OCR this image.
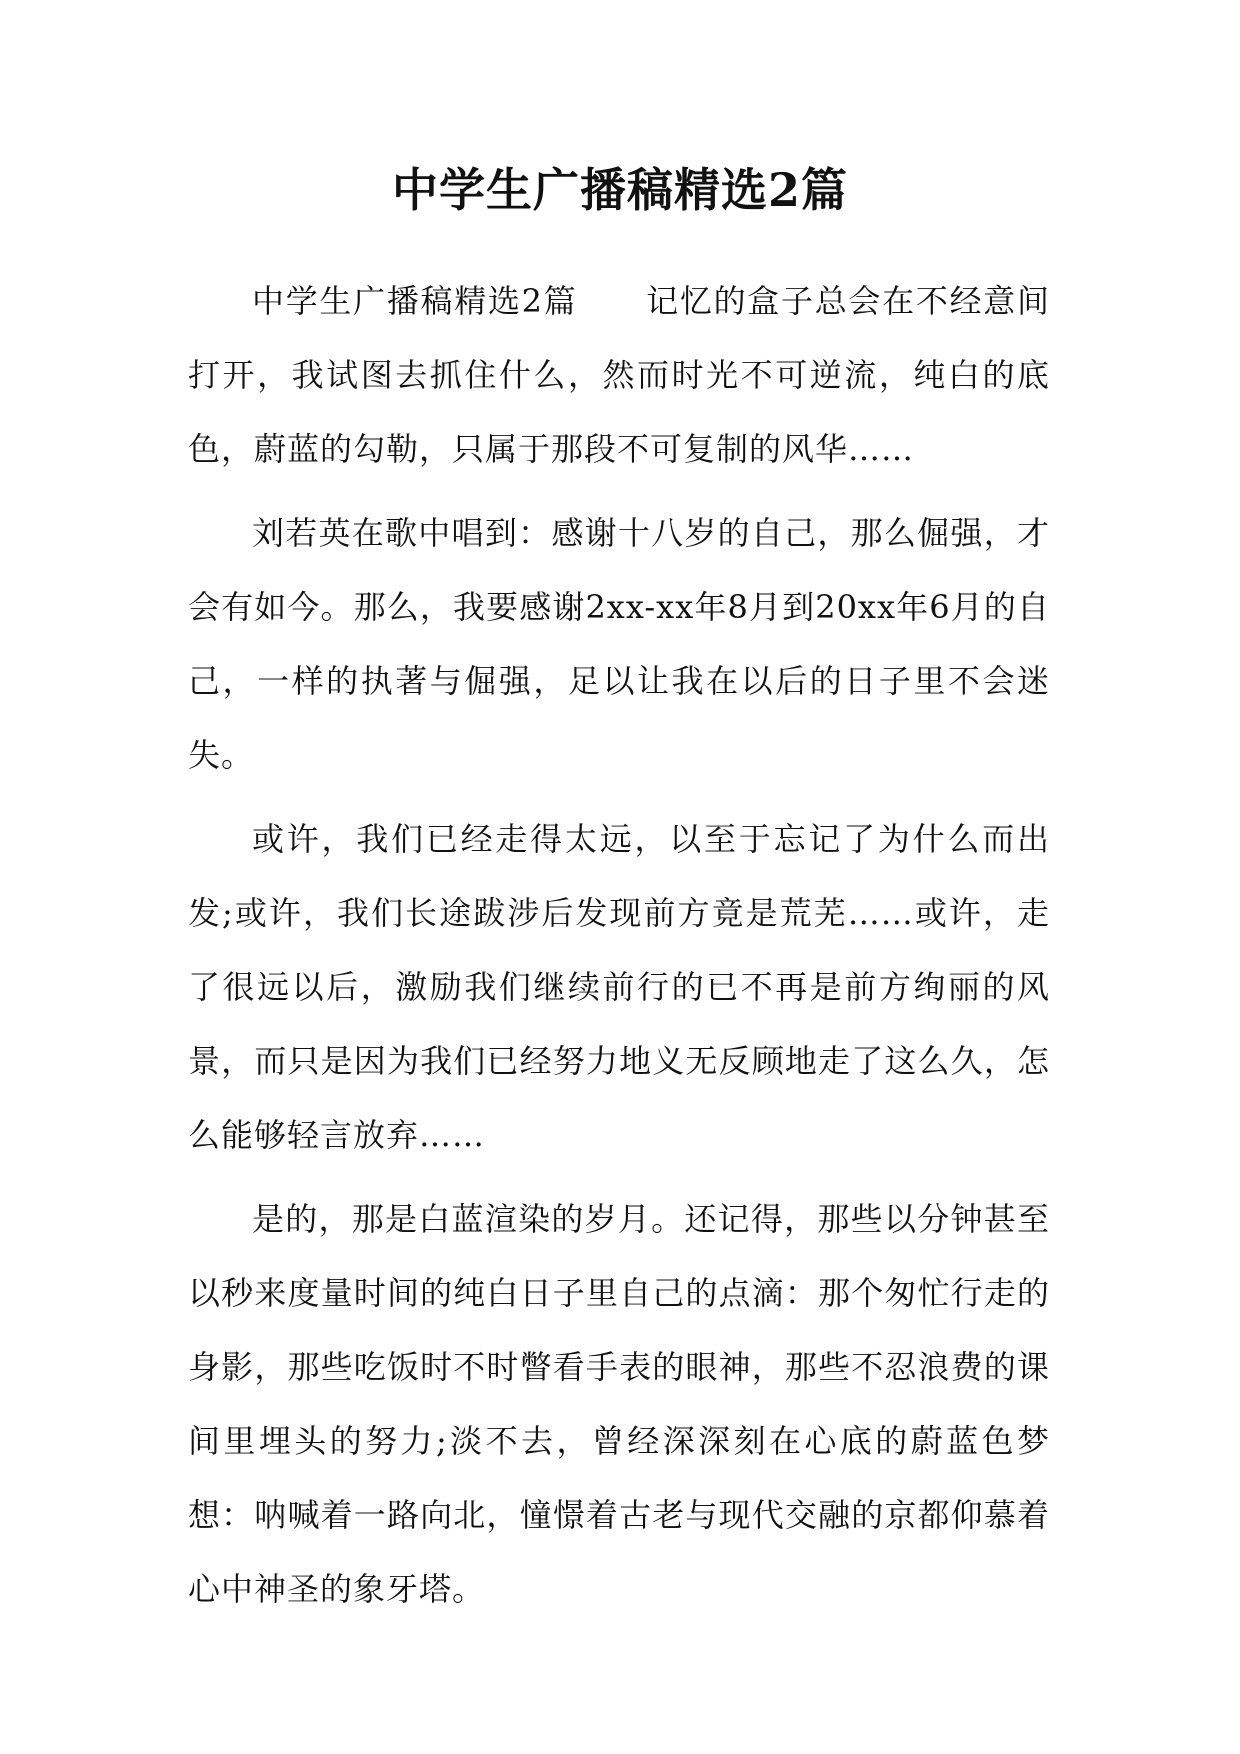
中学生广播稿精选2篇

中学生广播稿精选2篇 记忆的盒子总会在不经意间打开，我试图去抓住什么，然而时光不可逆流，纯白的底色，蔚蓝的勾勒，只属于那段不可复制的风华……

刘若英在歌中唱到：感谢十八岁的自己，那么倔强，才会有如今。那么，我要感谢2xx-xx年8月到20xx年6月的自己，一样的执著与倔强，足以让我在以后的日子里不会迷失。

或许，我们已经走得太远，以至于忘记了为什么而出发;或许，我们长途跋涉后发现前方竟是荒芜……或许，走了很远以后，激励我们继续前行的已不再是前方绚丽的风景，而只是因为我们已经努力地义无反顾地走了这么久，怎么能够轻言放弃……

是的，那是白蓝渲染的岁月。还记得，那些以分钟甚至以秒来度量时间的纯白日子里自己的点滴：那个匆忙行走的身影，那些吃饭时不时瞥看手表的眼神，那些不忍浪费的课间里埋头的努力;淡不去，曾经深深刻在心底的蔚蓝色梦想：呐喊着一路向北，憧憬着古老与现代交融的京都仰慕着心中神圣的象牙塔。
